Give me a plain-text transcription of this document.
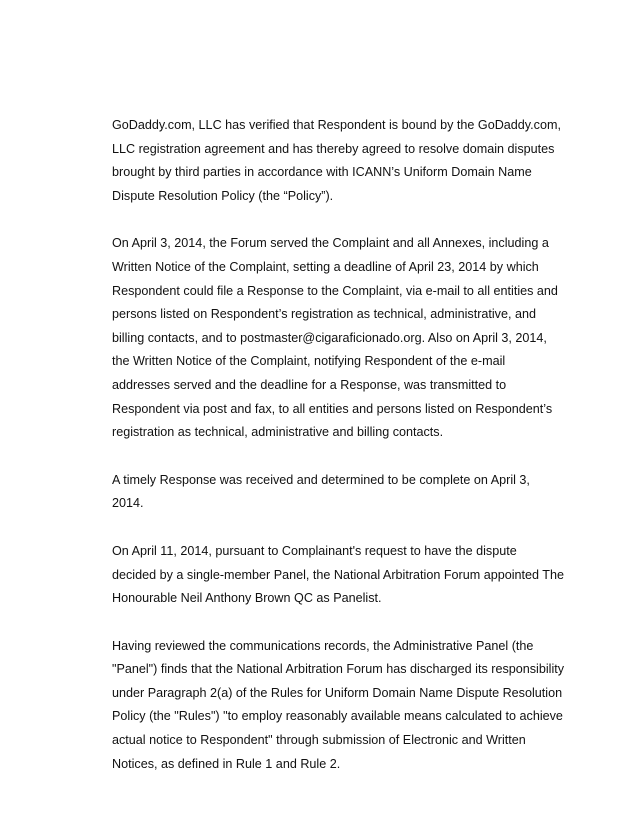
GoDaddy.com, LLC has verified that Respondent is bound by the GoDaddy.com,
LLC registration agreement and has thereby agreed to resolve domain disputes
brought by third parties in accordance with ICANN’s Uniform Domain Name
Dispute Resolution Policy (the “Policy”).

On April 3, 2014, the Forum served the Complaint and all Annexes, including a
Written Notice of the Complaint, setting a deadline of April 23, 2014 by which
Respondent could file a Response to the Complaint, via e-mail to all entities and
persons listed on Respondent’s registration as technical, administrative, and
billing contacts, and to postmaster@cigaraficionado.org. Also on April 3, 2014,
the Written Notice of the Complaint, notifying Respondent of the e-mail
addresses served and the deadline for a Response, was transmitted to
Respondent via post and fax, to all entities and persons listed on Respondent’s
registration as technical, administrative and billing contacts.

A timely Response was received and determined to be complete on April 3,
2014.

On April 11, 2014, pursuant to Complainant's request to have the dispute
decided by a single-member Panel, the National Arbitration Forum appointed The
Honourable Neil Anthony Brown QC as Panelist.

Having reviewed the communications records, the Administrative Panel (the
"Panel") finds that the National Arbitration Forum has discharged its responsibility
under Paragraph 2(a) of the Rules for Uniform Domain Name Dispute Resolution
Policy (the "Rules") "to employ reasonably available means calculated to achieve
actual notice to Respondent" through submission of Electronic and Written
Notices, as defined in Rule 1 and Rule 2.
